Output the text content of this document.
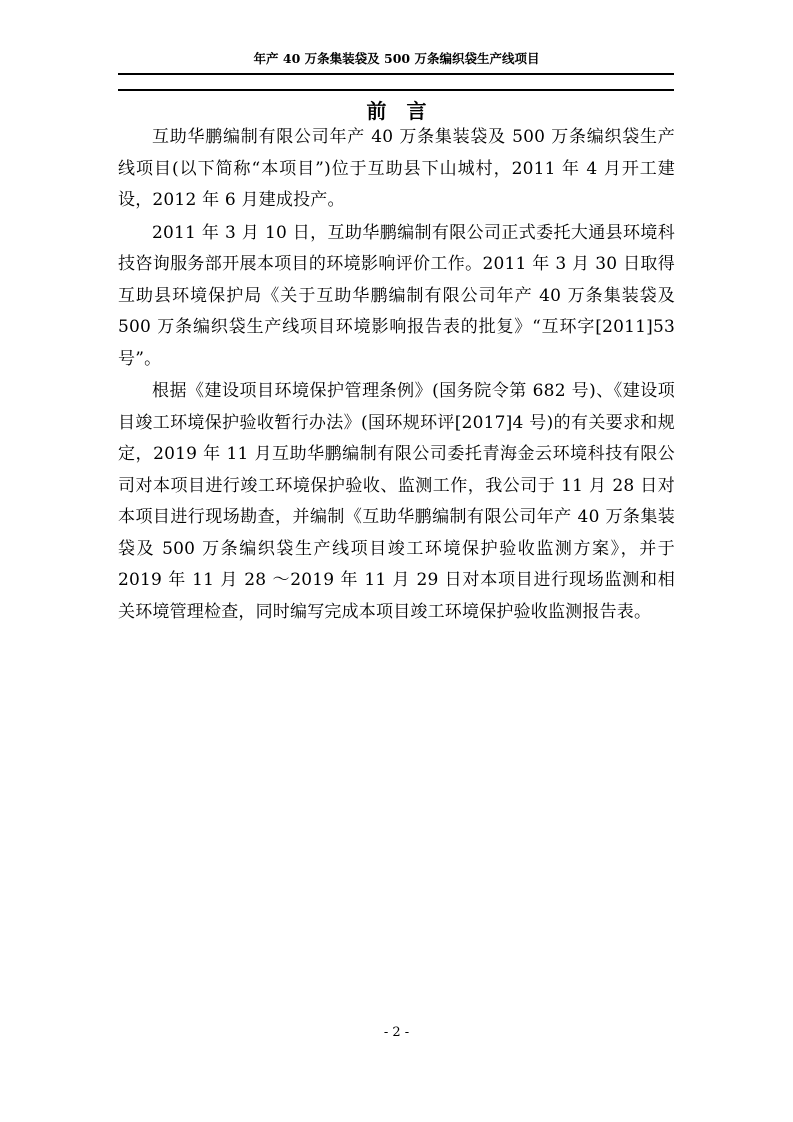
年产 40 万条集装袋及 500 万条编织袋生产线项目
前　言

互助华鹏编制有限公司年产 40 万条集装袋及 500 万条编织袋生产线项目(以下简称“本项目”)位于互助县下山城村，2011 年 4 月开工建设，2012 年 6 月建成投产。

2011 年 3 月 10 日，互助华鹏编制有限公司正式委托大通县环境科技咨询服务部开展本项目的环境影响评价工作。2011 年 3 月 30 日取得互助县环境保护局《关于互助华鹏编制有限公司年产 40 万条集装袋及 500 万条编织袋生产线项目环境影响报告表的批复》“互环字[2011]53 号”。

根据《建设项目环境保护管理条例》(国务院令第 682 号)、《建设项目竣工环境保护验收暂行办法》(国环规环评[2017]4 号)的有关要求和规定，2019 年 11 月互助华鹏编制有限公司委托青海金云环境科技有限公司对本项目进行竣工环境保护验收、监测工作，我公司于 11 月 28 日对本项目进行现场勘查，并编制《互助华鹏编制有限公司年产 40 万条集装袋及 500 万条编织袋生产线项目竣工环境保护验收监测方案》，并于 2019 年 11 月 28 ～2019 年 11 月 29 日对本项目进行现场监测和相关环境管理检查，同时编写完成本项目竣工环境保护验收监测报告表。

- 2 -
